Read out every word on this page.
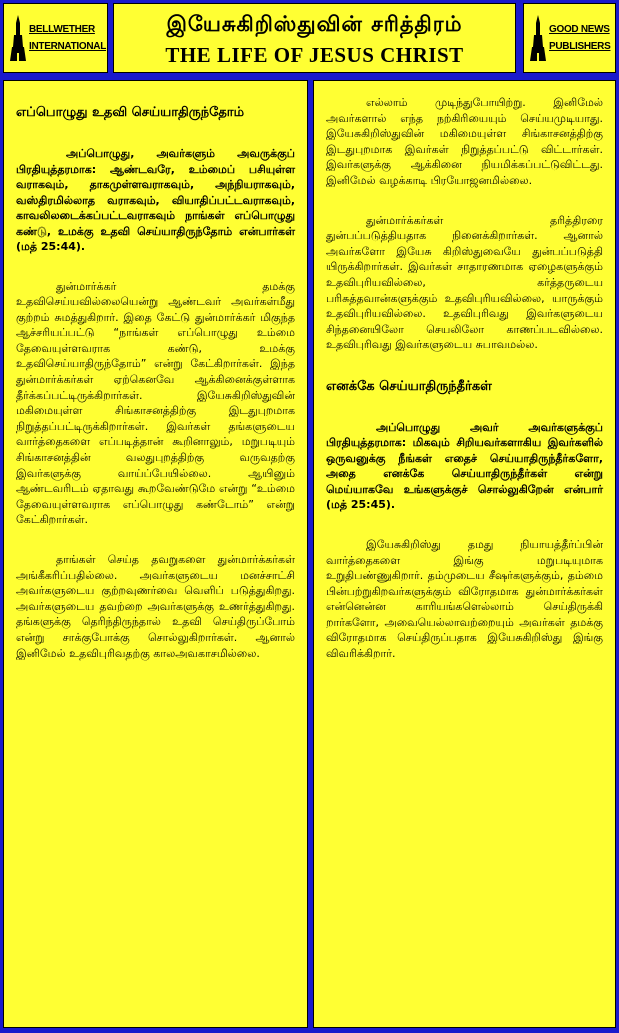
BELLWETHER
INTERNATIONAL
இயேசுகிறிஸ்துவின் சரித்திரம்
THE LIFE OF JESUS CHRIST
GOOD NEWS
PUBLISHERS
எப்பொழுது உதவி செய்யாதிருந்தோம்
அப்பொழுது, அவர்களும் அவருக்குப் பிரதியுத்தரமாக: ஆண்டவரே, உம்மைப் பசியுள்ள வராகவும், தாகமுள்ளவராகவும், அந்நியராகவும், வஸ்திரமில்லாத வராகவும், வியாதிப்பட்டவராகவும், காவலிலடைக்கப்பட்டவராகவும் நாங்கள் எப்பொழுது கண்டு, உமக்கு உதவி செய்யாதிருந்தோம் என்பார்கள் (மத் 25:44).
துன்மார்க்கர் தமக்கு உதவிசெய்யவில்லையென்று ஆண்டவர் அவர்கள்மீது குற்றம் சுமத்துகிறார். இதை கேட்டு துன்மார்க்கர் மிகுந்த ஆச்சரியப்பட்டு “நாங்கள் எப்பொழுது உம்மை தேவையுள்ளவராக கண்டு, உமக்கு உதவிசெய்யாதிருந்தோம்” என்று கேட்கிறார்கள். இந்த துன்மார்க்கர்கள் ஏற்கெனவே ஆக்கினைக்குள்ளாக தீர்க்கப்பட்டிருக்கிறார்கள். இயேசுகிறிஸ்துவின் மகிமையுள்ள சிங்காசனத்திற்கு இடதுபுறமாக நிறுத்தப்பட்டிருக்கிறார்கள். இவர்கள் தங்களுடைய வார்த்தைகளை எப்படித்தான் கூறினாலும், மறுபடியும் சிங்காசனத்தின் வலதுபுறத்திற்கு வருவதற்கு இவர்களுக்கு வாய்ப்பேயில்லை. ஆயினும் ஆண்டவரிடம் ஏதாவது கூறவேண்டுமே என்று “உம்மை தேவையுள்ளவராக எப்பொழுது கண்டோம்” என்று கேட்கிறார்கள்.
தாங்கள் செய்த தவறுகளை துன்மார்க்கர்கள் அங்கீகரிப்பதில்லை. அவர்களுடைய மனச்சாட்சி அவர்களுடைய குற்றவுணர்வை வெளிப் படுத்துகிறது. அவர்களுடைய தவற்றை அவர்களுக்கு உணர்த்துகிறது. தங்களுக்கு தெரிந்திருந்தால் உதவி செய்திருப்போம் என்று சாக்குபோக்கு சொல்லுகிறார்கள். ஆனால் இனிமேல் உதவிபுரிவதற்கு காலஅவகாசமில்லை.
எல்லாம் முடிந்துபோயிற்று. இனிமேல் அவர்களால் எந்த நற்கிரியையும் செய்யமுடியாது. இயேசுகிறிஸ்துவின் மகிமையுள்ள சிங்காசனத்திற்கு இடதுபுறமாக இவர்கள் நிறுத்தப்பட்டு விட்டார்கள். இவர்களுக்கு ஆக்கினை நியமிக்கப்பட்டுவிட்டது. இனிமேல் வழக்காடி பிரயோஜனமில்லை.
துன்மார்க்கர்கள் தரித்திரரை துன்பப்படுத்தியதாக நினைக்கிறார்கள். ஆனால் அவர்களோ இயேசு கிறிஸ்துவையே துன்பப்படுத்தி யிருக்கிறார்கள். இவர்கள் சாதாரணமாக ஏழைகளுக்கும் உதவிபுரியவில்லை, கர்த்தருடைய பரிசுத்தவான்களுக்கும் உதவிபுரியவில்லை, யாருக்கும் உதவிபுரியவில்லை. உதவிபுரிவது இவர்களுடைய சிந்தனையிலோ செயலிலோ காணப்படவில்லை. உதவிபுரிவது இவர்களுடைய சுபாவமல்ல.
எனக்கே செய்யாதிருந்தீர்கள்
அப்பொழுது அவர் அவர்களுக்குப் பிரதியுத்தரமாக: மிகவும் சிறியவர்களாகிய இவர்களில் ஒருவனுக்கு நீங்கள் எதைச் செய்யாதிருந்தீர்களோ, அதை எனக்கே செய்யாதிருந்தீர்கள் என்று மெய்யாகவே உங்களுக்குச் சொல்லுகிறேன் என்பார் (மத் 25:45).
இயேசுகிறிஸ்து தமது நியாயத்தீர்ப்பின் வார்த்தைகளை இங்கு மறுபடியுமாக உறுதிபண்ணுகிறார். தம்முடைய சீஷர்களுக்கும், தம்மை பின்பற்றுகிறவர்களுக்கும் விரோதமாக துன்மார்க்கர்கள் என்னென்ன காரியங்களெல்லாம் செய்திருக்கி றார்களோ, அவையெல்லாவற்றையும் அவர்கள் தமக்கு விரோதமாக செய்திருப்பதாக இயேசுகிறிஸ்து இங்கு விவரிக்கிறார்.
